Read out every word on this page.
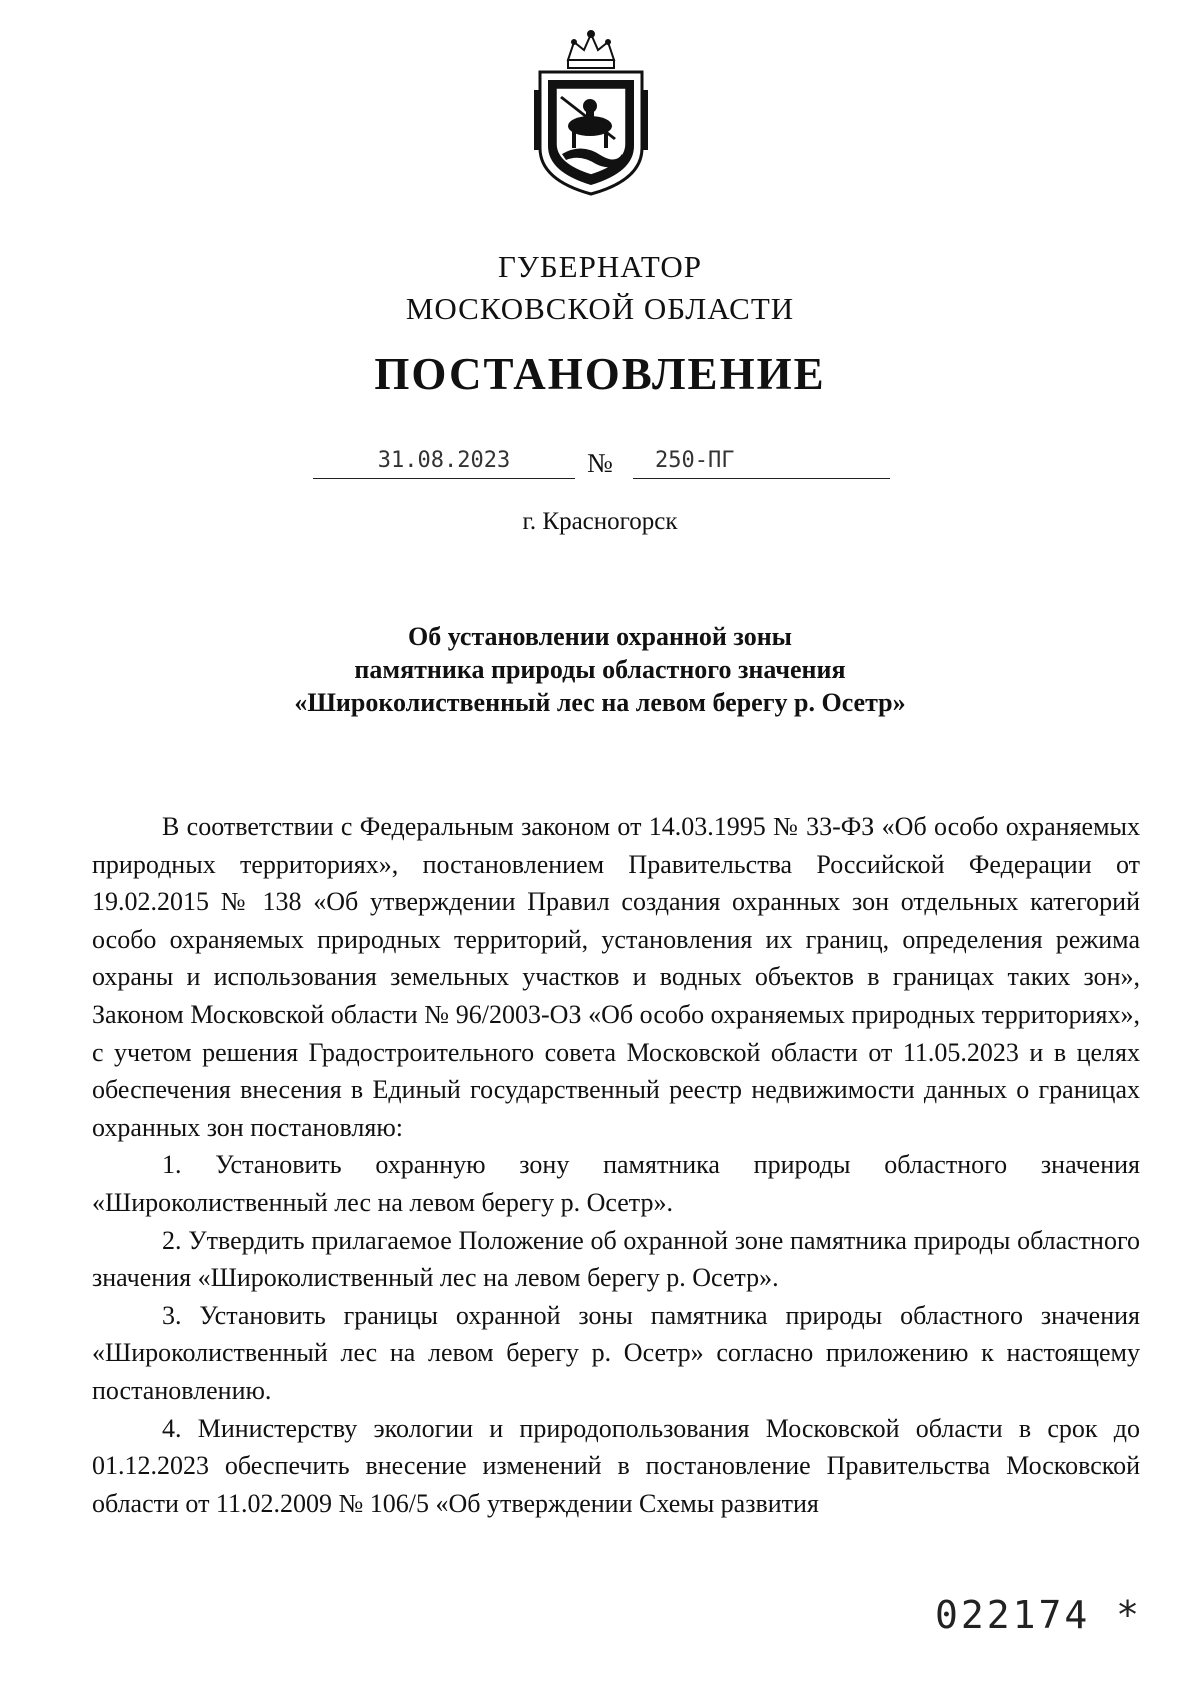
ГУБЕРНАТОР
МОСКОВСКОЙ ОБЛАСТИ
ПОСТАНОВЛЕНИЕ
31.08.2023	№	250-ПГ
г. Красногорск
Об установлении охранной зоны
памятника природы областного значения
«Широколиственный лес на левом берегу р. Осетр»

В соответствии с Федеральным законом от 14.03.1995 № 33-ФЗ «Об особо охраняемых природных территориях», постановлением Правительства Российской Федерации от 19.02.2015 № 138 «Об утверждении Правил создания охранных зон отдельных категорий особо охраняемых природных территорий, установления их границ, определения режима охраны и использования земельных участков и водных объектов в границах таких зон», Законом Московской области № 96/2003-ОЗ «Об особо охраняемых природных территориях», с учетом решения Градостроительного совета Московской области от 11.05.2023 и в целях обеспечения внесения в Единый государственный реестр недвижимости данных о границах охранных зон постановляю:

1. Установить охранную зону памятника природы областного значения «Широколиственный лес на левом берегу р. Осетр».

2. Утвердить прилагаемое Положение об охранной зоне памятника природы областного значения «Широколиственный лес на левом берегу р. Осетр».

3. Установить границы охранной зоны памятника природы областного значения «Широколиственный лес на левом берегу р. Осетр» согласно приложению к настоящему постановлению.

4. Министерству экологии и природопользования Московской области в срок до 01.12.2023 обеспечить внесение изменений в постановление Правительства Московской области от 11.02.2009 № 106/5 «Об утверждении Схемы развития

022174 *
